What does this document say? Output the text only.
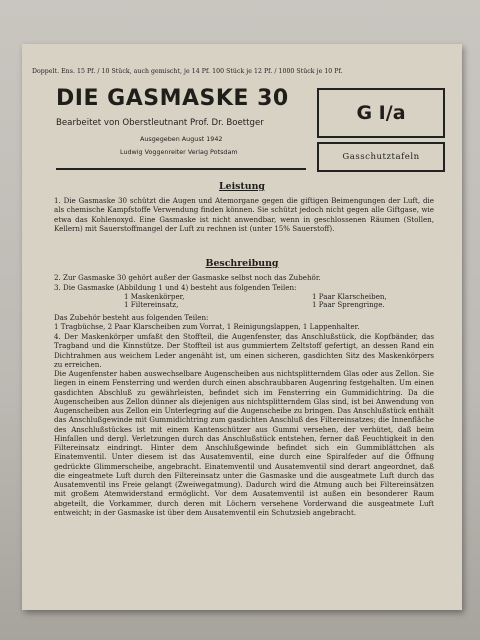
Doppelt. Ens. 15 Pf. / 10 Stück, auch gemischt, je 14 Pf. 100 Stück je 12 Pf. / 1000 Stück je 10 Pf.
DIE GASMASKE 30
Bearbeitet von Oberstleutnant Prof. Dr. Boettger
Ausgegeben August 1942
Ludwig Voggenreiter Verlag Potsdam
G I/a
Gasschutztafeln
Leistung
1. Die Gasmaske 30 schützt die Augen und Atemorgane gegen die giftigen Beimengungen der Luft, die als chemische Kampfstoffe Verwendung finden können. Sie schützt jedoch nicht gegen alle Giftgase, wie etwa das Kohlenoxyd. Eine Gasmaske ist nicht anwendbar, wenn in geschlossenen Räumen (Stollen, Kellern) mit Sauerstoffmangel der Luft zu rechnen ist (unter 15% Sauerstoff).
Beschreibung
2. Zur Gasmaske 30 gehört außer der Gasmaske selbst noch das Zubehör.
3. Die Gasmaske (Abbildung 1 und 4) besteht aus folgenden Teilen:
1 Maskenkörper,
1 Filtereinsatz,
1 Paar Klarscheiben,
1 Paar Sprengringe.
Das Zubehör besteht aus folgenden Teilen:
1 Tragbüchse, 2 Paar Klarscheiben zum Vorrat, 1 Reinigungslappen, 1 Lappenhalter.
4. Der Maskenkörper umfaßt den Stoffteil, die Augenfenster, das Anschlußstück, die Kopfbänder, das Tragband und die Kinnstütze. Der Stoffteil ist aus gummiertem Zeltstoff gefertigt, an dessen Rand ein Dichtrahmen aus weichem Leder angenäht ist, um einen sicheren, gasdichten Sitz des Maskenkörpers zu erreichen.
Die Augenfenster haben auswechselbare Augenscheiben aus nichtsplitterndem Glas oder aus Zellon. Sie liegen in einem Fensterring und werden durch einen abschraubbaren Augenring festgehalten. Um einen gasdichten Abschluß zu gewährleisten, befindet sich im Fensterring ein Gummidichtring. Da die Augenscheiben aus Zellon dünner als diejenigen aus nichtsplitterndem Glas sind, ist bei Anwendung von Augenscheiben aus Zellon ein Unterlegring auf die Augenscheibe zu bringen. Das Anschlußstück enthält das Anschlußgewinde mit Gummidichtring zum gasdichten Anschluß des Filtereinsatzes; die Innenfläche des Anschlußstückes ist mit einem Kantenschützer aus Gummi versehen, der verhütet, daß beim Hinfallen und dergl. Verletzungen durch das Anschlußstück entstehen, ferner daß Feuchtigkeit in den Filtereinsatz eindringt. Hinter dem Anschlußgewinde befindet sich ein Gummiblättchen als Einatemventil. Unter diesem ist das Ausatemventil, eine durch eine Spiralfeder auf die Öffnung gedrückte Glimmerscheibe, angebracht. Einatemventil und Ausatemventil sind derart angeordnet, daß die eingeatmete Luft durch den Filtereinsatz unter die Gasmaske und die ausgeatmete Luft durch das Ausatemventil ins Freie gelangt (Zweiwegatmung). Dadurch wird die Atmung auch bei Filtereinsätzen mit großem Atemwiderstand ermöglicht. Vor dem Ausatemventil ist außen ein besonderer Raum abgeteilt, die Vorkammer, durch deren mit Löchern versehene Vorderwand die ausgeatmete Luft entweicht; in der Gasmaske ist über dem Ausatemventil ein Schutzsieb angebracht.
